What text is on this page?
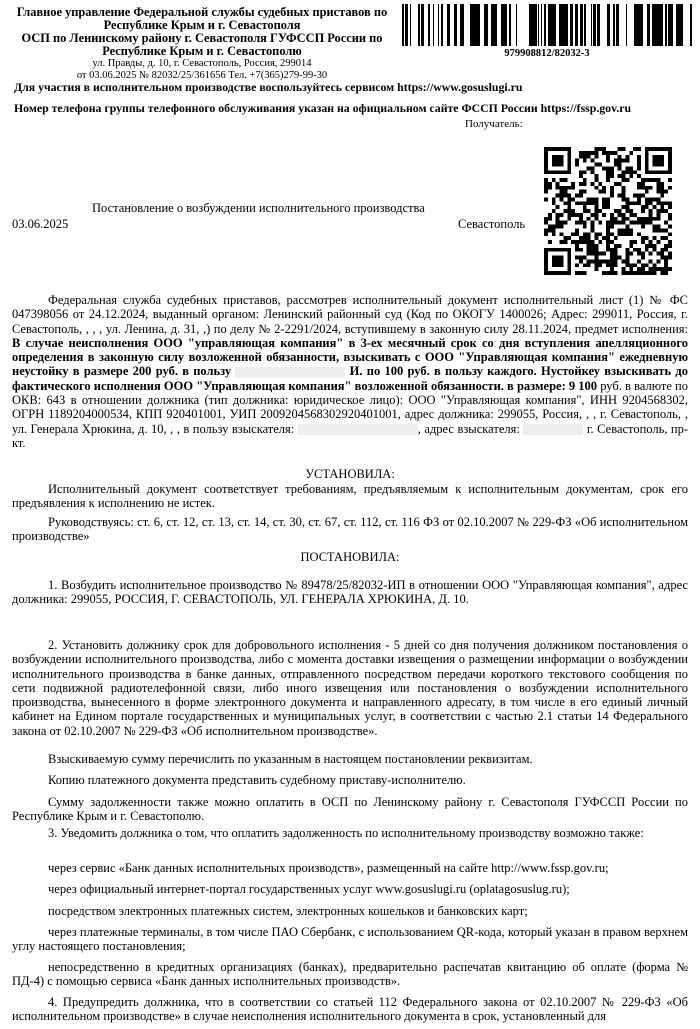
Главное управление Федеральной службы судебных приставов по Республике Крым и г. Севастополя
ОСП по Ленинскому району г. Севастополя ГУФССП России по Республике Крым и г. Севастополю
ул. Правды, д. 10, г. Севастополь, Россия, 299014
от 03.06.2025 № 82032/25/361656 Тел. +7(365)279-99-30
979908812/82032-3
Для участия в исполнительном производстве воспользуйтесь сервисом https://www.gosuslugi.ru
Номер телефона группы телефонного обслуживания указан на официальном сайте ФССП России https://fssp.gov.ru
Получатель:
Постановление о возбуждении исполнительного производства
03.06.2025	Севастополь
Федеральная служба судебных приставов, рассмотрев исполнительный документ исполнительный лист (1) № ФС 047398056 от 24.12.2024, выданный органом: Ленинский районный суд (Код по ОКОГУ 1400026; Адрес: 299011, Россия, г. Севастополь, , , , ул. Ленина, д. 31, ,) по делу № 2-2291/2024, вступившему в законную силу 28.11.2024, предмет исполнения: В случае неисполнения ООО "управляющая компания" в 3-ех месячный срок со дня вступления апелляционного определения в законную силу возложенной обязанности, взыскивать с ООО "Управляющая компания" ежедневную неустойку в размере 200 руб. в пользу	И. по 100 руб. в пользу каждого. Нустойкеу взыскивать до фактического исполнения ООО "Управляющая компания" возложенной обязанности. в размере: 9 100 руб. в валюте по ОКВ: 643 в отношении должника (тип должника: юридическое лицо): ООО "Управляющая компания", ИНН 9204568302, ОГРН 1189204000534, КПП 920401001, УИП 2009204568302920401001, адрес должника: 299055, Россия, , , г. Севастополь, , ул. Генерала Хрюкина, д. 10, , , в пользу взыскателя:	, адрес взыскателя:	г. Севастополь, пр-кт.
УСТАНОВИЛА:
Исполнительный документ соответствует требованиям, предъявляемым к исполнительным документам, срок его предъявления к исполнению не истек.
Руководствуясь: ст. 6, ст. 12, ст. 13, ст. 14, ст. 30, ст. 67, ст. 112, ст. 116 ФЗ от 02.10.2007 № 229-ФЗ «Об исполнительном производстве»
ПОСТАНОВИЛА:
1. Возбудить исполнительное производство № 89478/25/82032-ИП в отношении ООО "Управляющая компания", адрес должника: 299055, РОССИЯ, Г. СЕВАСТОПОЛЬ, УЛ. ГЕНЕРАЛА ХРЮКИНА, Д. 10.
2. Установить должнику срок для добровольного исполнения - 5 дней со дня получения должником постановления о возбуждении исполнительного производства, либо с момента доставки извещения о размещении информации о возбуждении исполнительного производства в банке данных, отправленного посредством передачи короткого текстового сообщения по сети подвижной радиотелефонной связи, либо иного извещения или постановления о возбуждении исполнительного производства, вынесенного в форме электронного документа и направленного адресату, в том числе в его единый личный кабинет на Едином портале государственных и муниципальных услуг, в соответствии с частью 2.1 статьи 14 Федерального закона от 02.10.2007 № 229-ФЗ «Об исполнительном производстве».
Взыскиваемую сумму перечислить по указанным в настоящем постановлении реквизитам.
Копию платежного документа представить судебному приставу-исполнителю.
Сумму задолженности также можно оплатить в ОСП по Ленинскому району г. Севастополя ГУФССП России по Республике Крым и г. Севастополю.
3. Уведомить должника о том, что оплатить задолженность по исполнительному производству возможно также:
через сервис «Банк данных исполнительных производств», размещенный на сайте http://www.fssp.gov.ru;
через официальный интернет-портал государственных услуг www.gosuslugi.ru (oplatagosuslug.ru);
посредством электронных платежных систем, электронных кошельков и банковских карт;
через платежные терминалы, в том числе ПАО Сбербанк, с использованием QR-кода, который указан в правом верхнем углу настоящего постановления;
непосредственно в кредитных организациях (банках), предварительно распечатав квитанцию об оплате (форма № ПД-4) с помощью сервиса «Банк данных исполнительных производств».
4. Предупредить должника, что в соответствии со статьей 112 Федерального закона от 02.10.2007 № 229-ФЗ «Об исполнительном производстве» в случае неисполнения исполнительного документа в срок, установленный для
